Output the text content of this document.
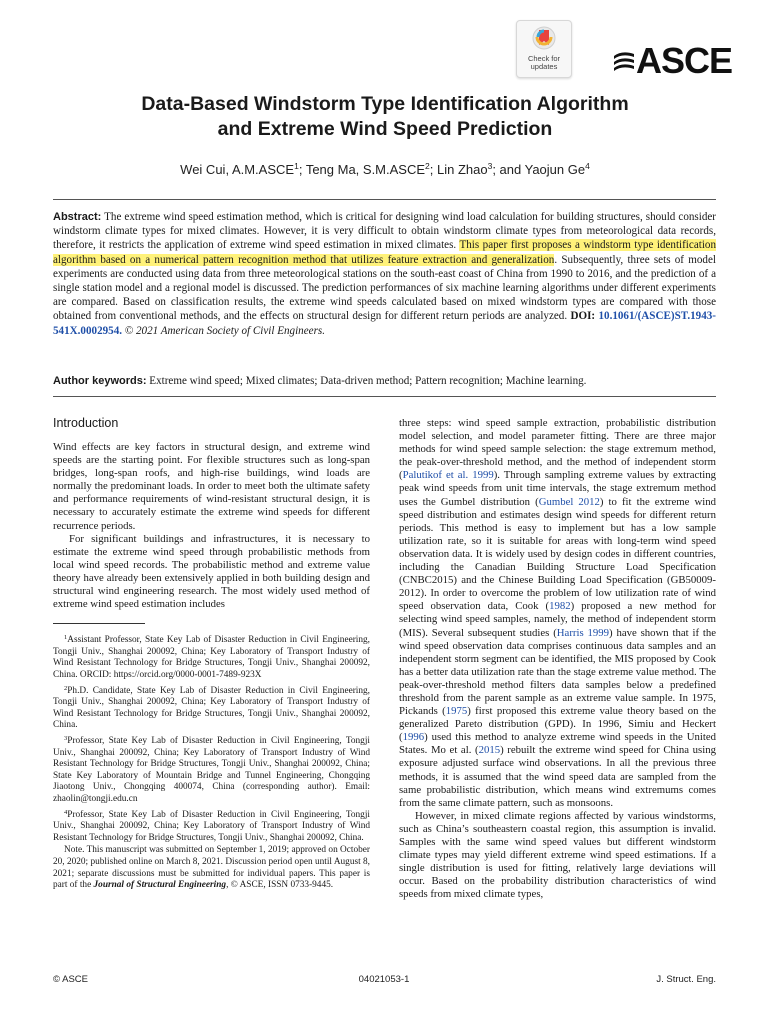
Check for
updates	ASCE
Data-Based Windstorm Type Identification Algorithm
and Extreme Wind Speed Prediction
Wei Cui, A.M.ASCE$^1$; Teng Ma, S.M.ASCE$^2$; Lin Zhao$^3$; and Yaojun Ge$^4$
Abstract: The extreme wind speed estimation method, which is critical for designing wind load calculation for building structures, should consider windstorm climate types for mixed climates. However, it is very difficult to obtain windstorm climate types from meteorological data records, therefore, it restricts the application of extreme wind speed estimation in mixed climates. This paper first proposes a windstorm type identification algorithm based on a numerical pattern recognition method that utilizes feature extraction and generalization. Subsequently, three sets of model experiments are conducted using data from three meteorological stations on the south-east coast of China from 1990 to 2016, and the prediction of a single station model and a regional model is discussed. The prediction performances of six machine learning algorithms under different experiments are compared. Based on classification results, the extreme wind speeds calculated based on mixed windstorm types are compared with those obtained from conventional methods, and the effects on structural design for different return periods are analyzed. DOI: 10.1061/(ASCE)ST.1943-541X.0002954. © 2021 American Society of Civil Engineers.
Author keywords: Extreme wind speed; Mixed climates; Data-driven method; Pattern recognition; Machine learning.
Introduction

Wind effects are key factors in structural design, and extreme wind speeds are the starting point. For flexible structures such as long-span bridges, long-span roofs, and high-rise buildings, wind loads are normally the predominant loads. In order to meet both the ultimate safety and performance requirements of wind-resistant structural design, it is necessary to accurately estimate the extreme wind speeds for different recurrence periods.

For significant buildings and infrastructures, it is necessary to estimate the extreme wind speed through probabilistic methods from local wind speed records. The probabilistic method and extreme value theory have already been extensively applied in both building design and structural wind engineering research. The most widely used method of extreme wind speed estimation includes

$^1$Assistant Professor, State Key Lab of Disaster Reduction in Civil Engineering, Tongji Univ., Shanghai 200092, China; Key Laboratory of Transport Industry of Wind Resistant Technology for Bridge Structures, Tongji Univ., Shanghai 200092, China. ORCID: https://orcid.org/0000-0001-7489-923X

$^2$Ph.D. Candidate, State Key Lab of Disaster Reduction in Civil Engineering, Tongji Univ., Shanghai 200092, China; Key Laboratory of Transport Industry of Wind Resistant Technology for Bridge Structures, Tongji Univ., Shanghai 200092, China.

$^3$Professor, State Key Lab of Disaster Reduction in Civil Engineering, Tongji Univ., Shanghai 200092, China; Key Laboratory of Transport Industry of Wind Resistant Technology for Bridge Structures, Tongji Univ., Shanghai 200092, China; State Key Laboratory of Mountain Bridge and Tunnel Engineering, Chongqing Jiaotong Univ., Chongqing 400074, China (corresponding author). Email: zhaolin@tongji.edu.cn

$^4$Professor, State Key Lab of Disaster Reduction in Civil Engineering, Tongji Univ., Shanghai 200092, China; Key Laboratory of Transport Industry of Wind Resistant Technology for Bridge Structures, Tongji Univ., Shanghai 200092, China.

Note. This manuscript was submitted on September 1, 2019; approved on October 20, 2020; published online on March 8, 2021. Discussion period open until August 8, 2021; separate discussions must be submitted for individual papers. This paper is part of the Journal of Structural Engineering, © ASCE, ISSN 0733-9445.

three steps: wind speed sample extraction, probabilistic distribution model selection, and model parameter fitting. There are three major methods for wind speed sample selection: the stage extremum method, the peak-over-threshold method, and the method of independent storm (Palutikof et al. 1999). Through sampling extreme values by extracting peak wind speeds from unit time intervals, the stage extremum method uses the Gumbel distribution (Gumbel 2012) to fit the extreme wind speed distribution and estimates design wind speeds for different return periods. This method is easy to implement but has a low sample utilization rate, so it is suitable for areas with long-term wind speed observation data. It is widely used by design codes in different countries, including the Canadian Building Structure Load Specification (CNBC2015) and the Chinese Building Load Specification (GB50009-2012). In order to overcome the problem of low utilization rate of wind speed observation data, Cook (1982) proposed a new method for selecting wind speed samples, namely, the method of independent storm (MIS). Several subsequent studies (Harris 1999) have shown that if the wind speed observation data comprises continuous data samples and an independent storm segment can be identified, the MIS proposed by Cook has a better data utilization rate than the stage extreme value method. The peak-over-threshold method filters data samples below a predefined threshold from the parent sample as an extreme value sample. In 1975, Pickands (1975) first proposed this extreme value theory based on the generalized Pareto distribution (GPD). In 1996, Simiu and Heckert (1996) used this method to analyze extreme wind speeds in the United States. Mo et al. (2015) rebuilt the extreme wind speed for China using exposure adjusted surface wind observations. In all the previous three methods, it is assumed that the wind speed data are sampled from the same probabilistic distribution, which means wind extremums comes from the same climate pattern, such as monsoons.

However, in mixed climate regions affected by various windstorms, such as China’s southeastern coastal region, this assumption is invalid. Samples with the same wind speed values but different windstorm climate types may yield different extreme wind speed estimations. If a single distribution is used for fitting, relatively large deviations will occur. Based on the probability distribution characteristics of wind speeds from mixed climate types,

© ASCE	04021053-1	J. Struct. Eng.
